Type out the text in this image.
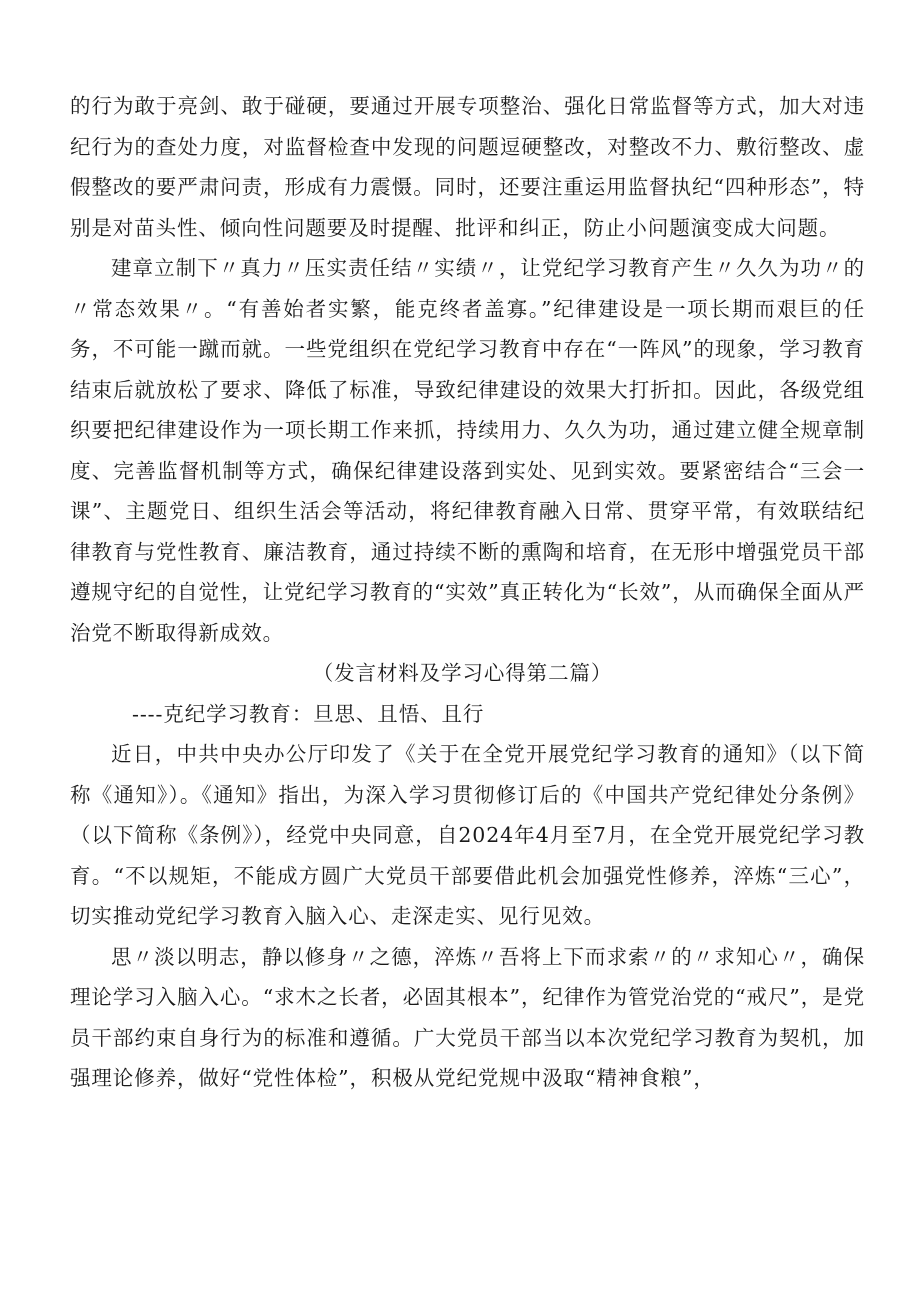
的行为敢于亮剑、敢于碰硬，要通过开展专项整治、强化日常监督等方式，加大对违纪行为的查处力度，对监督检查中发现的问题逗硬整改，对整改不力、敷衍整改、虚假整改的要严肃问责，形成有力震慑。同时，还要注重运用监督执纪“四种形态”，特别是对苗头性、倾向性问题要及时提醒、批评和纠正，防止小问题演变成大问题。

建章立制下〃真力〃压实责任结〃实绩〃，让党纪学习教育产生〃久久为功〃的〃常态效果〃。“有善始者实繁，能克终者盖寡。”纪律建设是一项长期而艰巨的任务，不可能一蹴而就。一些党组织在党纪学习教育中存在“一阵风”的现象，学习教育结束后就放松了要求、降低了标准，导致纪律建设的效果大打折扣。因此，各级党组织要把纪律建设作为一项长期工作来抓，持续用力、久久为功，通过建立健全规章制度、完善监督机制等方式，确保纪律建设落到实处、见到实效。要紧密结合“三会一课”、主题党日、组织生活会等活动，将纪律教育融入日常、贯穿平常，有效联结纪律教育与党性教育、廉洁教育，通过持续不断的熏陶和培育，在无形中增强党员干部遵规守纪的自觉性，让党纪学习教育的“实效”真正转化为“长效”，从而确保全面从严治党不断取得新成效。

（发言材料及学习心得第二篇）

----克纪学习教育：旦思、且悟、且行

近日，中共中央办公厅印发了《关于在全党开展党纪学习教育的通知》（以下简称《通知》）。《通知》指出，为深入学习贯彻修订后的《中国共产党纪律处分条例》（以下简称《条例》），经党中央同意，自2024年4月至7月，在全党开展党纪学习教育。“不以规矩，不能成方圆广大党员干部要借此机会加强党性修养，淬炼“三心”，切实推动党纪学习教育入脑入心、走深走实、见行见效。

思〃淡以明志，静以修身〃之德，淬炼〃吾将上下而求索〃的〃求知心〃，确保理论学习入脑入心。“求木之长者，必固其根本”，纪律作为管党治党的“戒尺”，是党员干部约束自身行为的标准和遵循。广大党员干部当以本次党纪学习教育为契机，加强理论修养，做好“党性体检”，积极从党纪党规中汲取“精神食粮”，
